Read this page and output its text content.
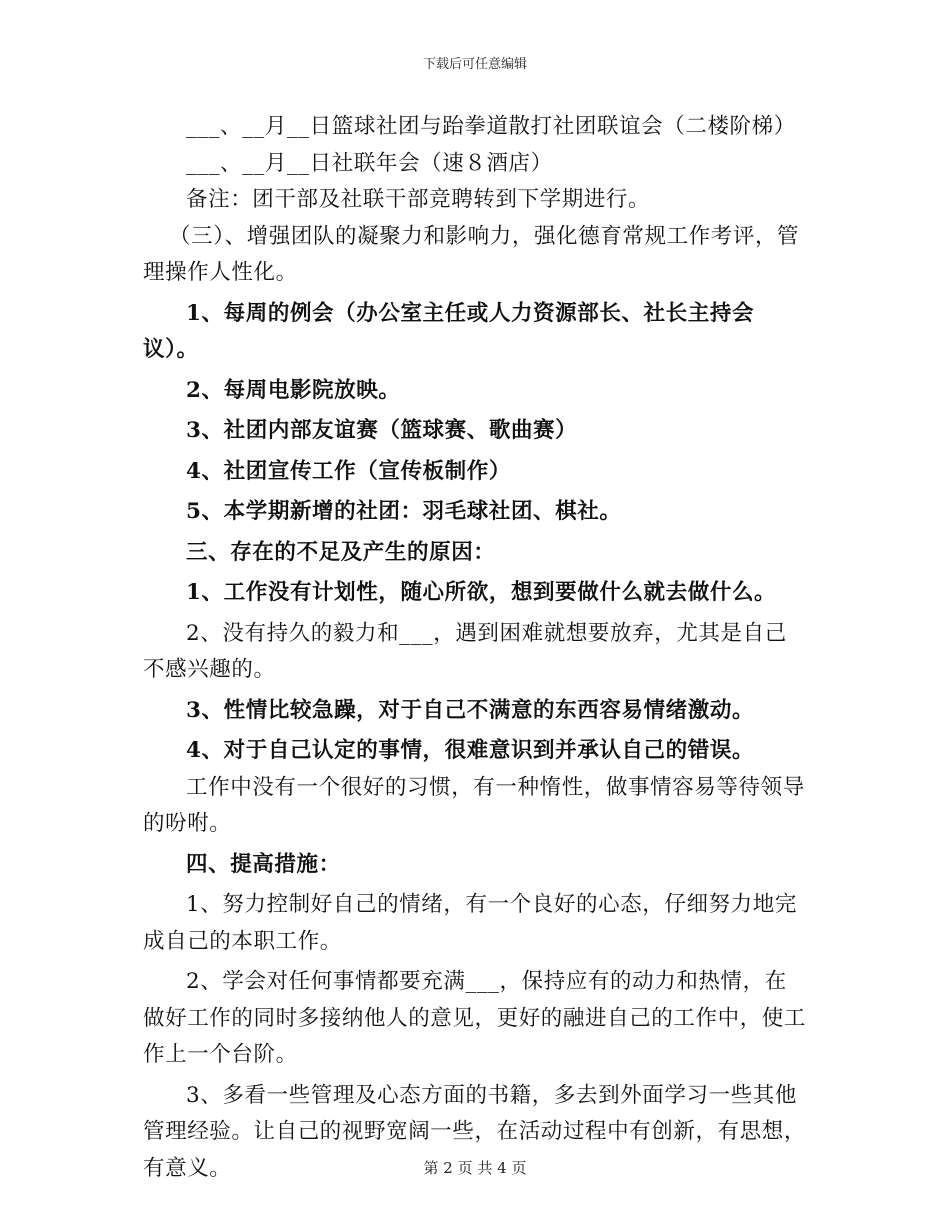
下载后可任意编辑

___、__月__日篮球社团与跆拳道散打社团联谊会（二楼阶梯）

___、__月__日社联年会（速８酒店）

备注：团干部及社联干部竞聘转到下学期进行。

（三）、增强团队的凝聚力和影响力，强化德育常规工作考评，管理操作人性化。

1、每周的例会（办公室主任或人力资源部长、社长主持会议）。

2、每周电影院放映。

3、社团内部友谊赛（篮球赛、歌曲赛）

4、社团宣传工作（宣传板制作）

5、本学期新增的社团：羽毛球社团、棋社。

三、存在的不足及产生的原因：

1、工作没有计划性，随心所欲，想到要做什么就去做什么。

2、没有持久的毅力和___，遇到困难就想要放弃，尤其是自己不感兴趣的。

3、性情比较急躁，对于自己不满意的东西容易情绪激动。

4、对于自己认定的事情，很难意识到并承认自己的错误。

工作中没有一个很好的习惯，有一种惰性，做事情容易等待领导的吩咐。

四、提高措施：

1、努力控制好自己的情绪，有一个良好的心态，仔细努力地完成自己的本职工作。

2、学会对任何事情都要充满___，保持应有的动力和热情，在做好工作的同时多接纳他人的意见，更好的融进自己的工作中，使工作上一个台阶。

3、多看一些管理及心态方面的书籍，多去到外面学习一些其他管理经验。让自己的视野宽阔一些，在活动过程中有创新，有思想，有意义。	第 2 页 共 4 页
